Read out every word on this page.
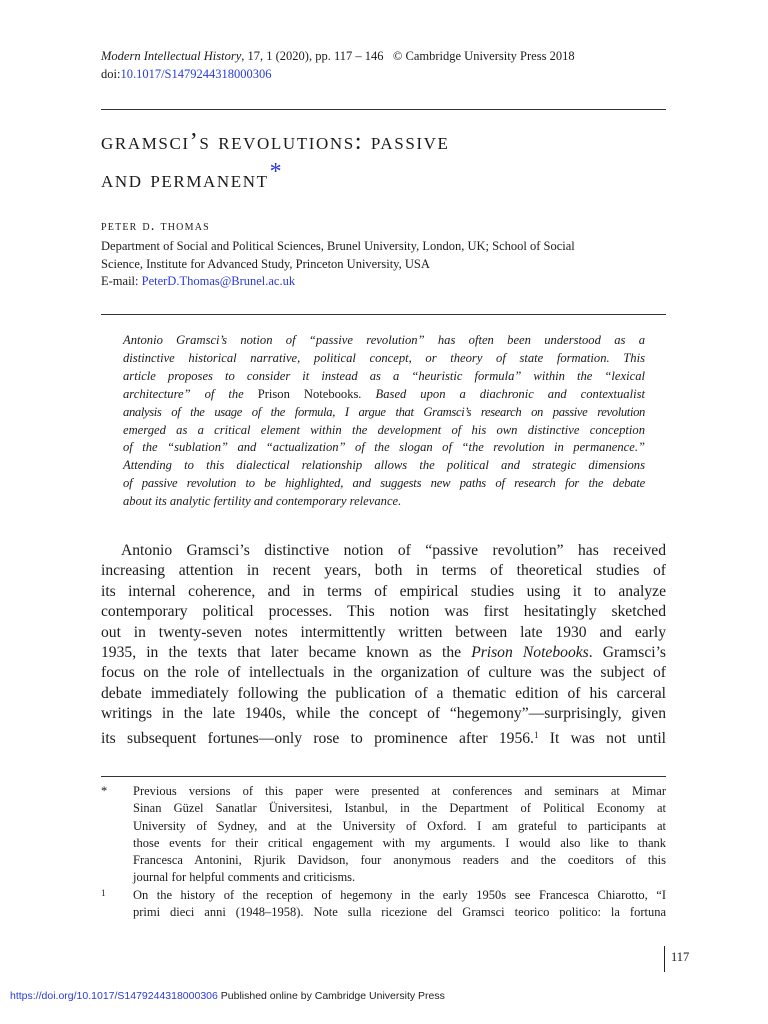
Modern Intellectual History, 17, 1 (2020), pp. 117 – 146 © Cambridge University Press 2018
doi:10.1017/S1479244318000306
gramsci’s revolutions: passive
and permanent*
peter d. thomas
Department of Social and Political Sciences, Brunel University, London, UK; School of Social
Science, Institute for Advanced Study, Princeton University, USA
E-mail: PeterD.Thomas@Brunel.ac.uk
Antonio Gramsci’s notion of “passive revolution” has often been understood as a
distinctive historical narrative, political concept, or theory of state formation. This
article proposes to consider it instead as a “heuristic formula” within the “lexical
architecture” of the Prison Notebooks. Based upon a diachronic and contextualist
analysis of the usage of the formula, I argue that Gramsci’s research on passive revolution
emerged as a critical element within the development of his own distinctive conception
of the “sublation” and “actualization” of the slogan of “the revolution in permanence.”
Attending to this dialectical relationship allows the political and strategic dimensions
of passive revolution to be highlighted, and suggests new paths of research for the debate
about its analytic fertility and contemporary relevance.
Antonio Gramsci’s distinctive notion of “passive revolution” has received
increasing attention in recent years, both in terms of theoretical studies of
its internal coherence, and in terms of empirical studies using it to analyze
contemporary political processes. This notion was first hesitatingly sketched
out in twenty-seven notes intermittently written between late 1930 and early
1935, in the texts that later became known as the Prison Notebooks. Gramsci’s
focus on the role of intellectuals in the organization of culture was the subject of
debate immediately following the publication of a thematic edition of his carceral
writings in the late 1940s, while the concept of “hegemony”—surprisingly, given
its subsequent fortunes—only rose to prominence after 1956.$^1$ It was not until
* Previous versions of this paper were presented at conferences and seminars at Mimar
Sinan Güzel Sanatlar Üniversitesi, Istanbul, in the Department of Political Economy at
University of Sydney, and at the University of Oxford. I am grateful to participants at
those events for their critical engagement with my arguments. I would also like to thank
Francesca Antonini, Rjurik Davidson, four anonymous readers and the coeditors of this
journal for helpful comments and criticisms.
1 On the history of the reception of hegemony in the early 1950s see Francesca Chiarotto, “I
primi dieci anni (1948–1958). Note sulla ricezione del Gramsci teorico politico: la fortuna
117
https://doi.org/10.1017/S1479244318000306 Published online by Cambridge University Press
